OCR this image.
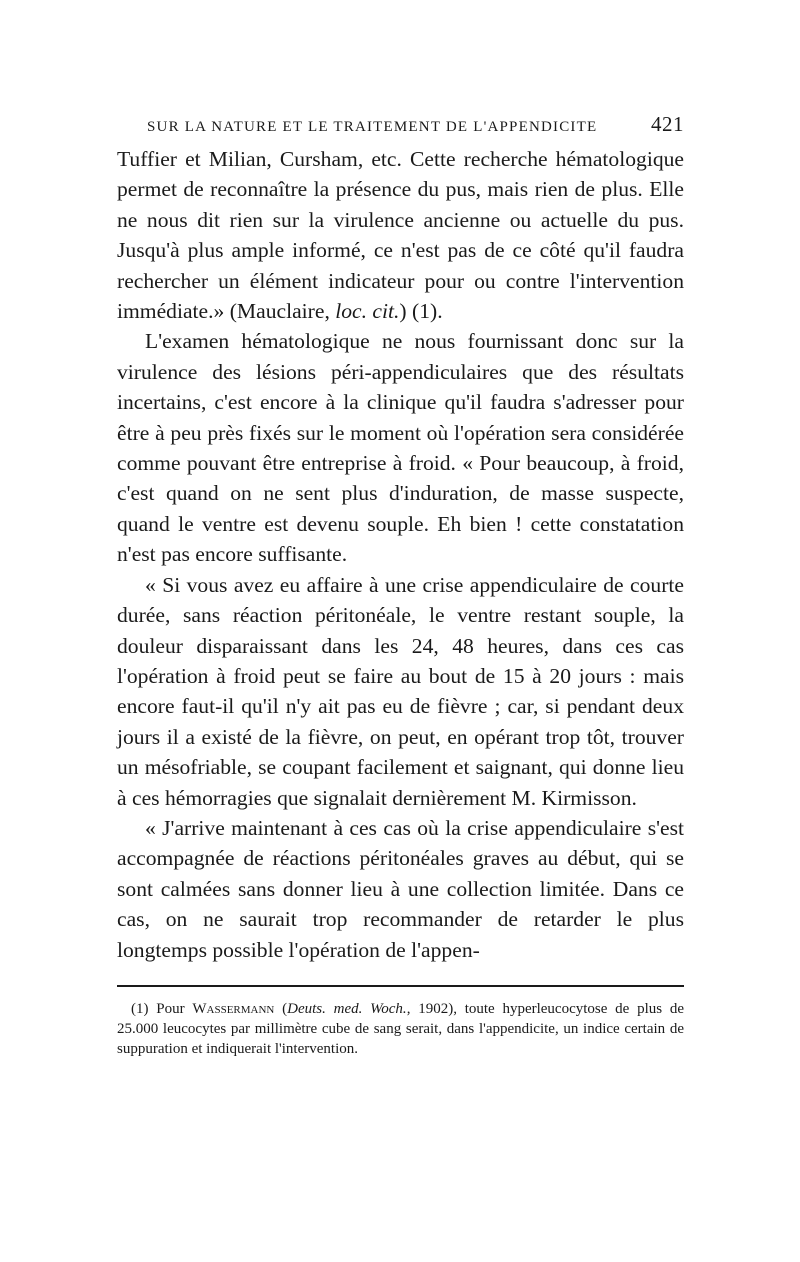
SUR LA NATURE ET LE TRAITEMENT DE L'APPENDICITE	421

Tuffier et Milian, Cursham, etc. Cette recherche hématologique permet de reconnaître la présence du pus, mais rien de plus. Elle ne nous dit rien sur la virulence ancienne ou actuelle du pus. Jusqu'à plus ample informé, ce n'est pas de ce côté qu'il faudra rechercher un élément indicateur pour ou contre l'intervention immédiate.» (Mauclaire, loc. cit.) (1).

L'examen hématologique ne nous fournissant donc sur la virulence des lésions péri-appendiculaires que des résultats incertains, c'est encore à la clinique qu'il faudra s'adresser pour être à peu près fixés sur le moment où l'opération sera considérée comme pouvant être entreprise à froid. « Pour beaucoup, à froid, c'est quand on ne sent plus d'induration, de masse suspecte, quand le ventre est devenu souple. Eh bien ! cette constatation n'est pas encore suffisante.

« Si vous avez eu affaire à une crise appendiculaire de courte durée, sans réaction péritonéale, le ventre restant souple, la douleur disparaissant dans les 24, 48 heures, dans ces cas l'opération à froid peut se faire au bout de 15 à 20 jours : mais encore faut-il qu'il n'y ait pas eu de fièvre ; car, si pendant deux jours il a existé de la fièvre, on peut, en opérant trop tôt, trouver un mésofriable, se coupant facilement et saignant, qui donne lieu à ces hémorragies que signalait dernièrement M. Kirmisson.

« J'arrive maintenant à ces cas où la crise appendiculaire s'est accompagnée de réactions péritonéales graves au début, qui se sont calmées sans donner lieu à une collection limitée. Dans ce cas, on ne saurait trop recommander de retarder le plus longtemps possible l'opération de l'appen-

(1) Pour Wassermann (Deuts. med. Woch., 1902), toute hyperleucocytose de plus de 25.000 leucocytes par millimètre cube de sang serait, dans l'appendicite, un indice certain de suppuration et indiquerait l'intervention.
